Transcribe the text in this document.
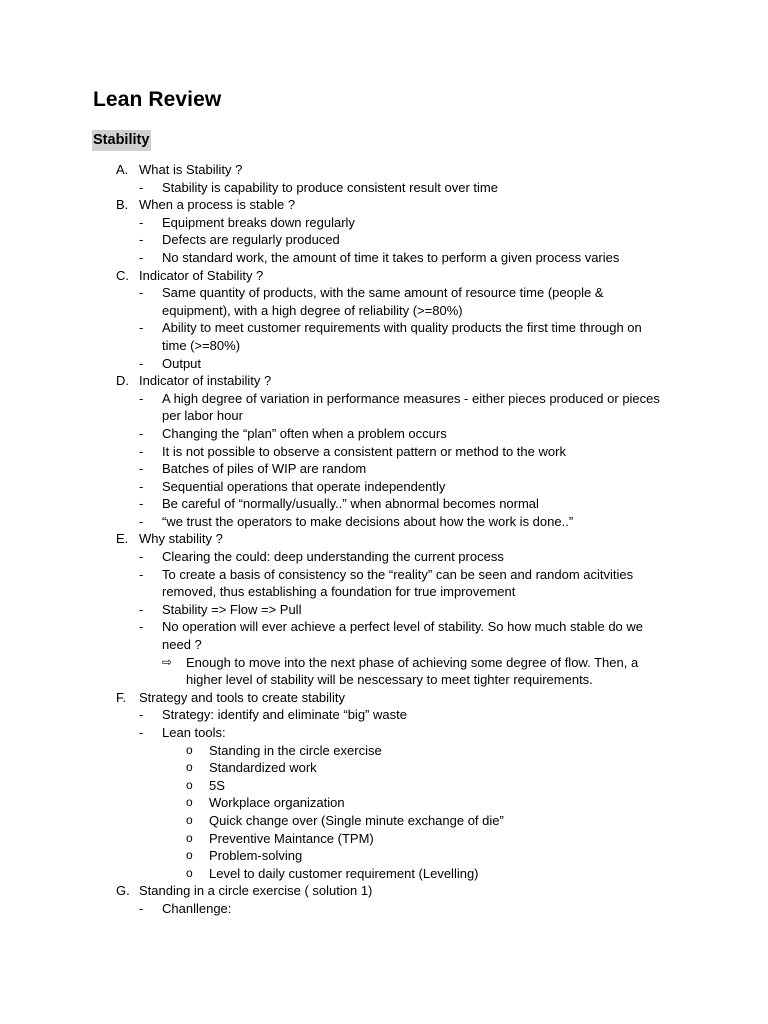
Lean Review
Stability
A. What is Stability ?

- Stability is capability to produce consistent result over time
B. When a process is stable ?

- Equipment breaks down regularly
- Defects are regularly produced
- No standard work, the amount of time it takes to perform a given process varies
C. Indicator of Stability ?

- Same quantity of products, with the same amount of resource time (people & equipment), with a high degree of reliability (>=80%)
- Ability to meet customer requirements with quality products the first time through on time (>=80%)
- Output
D. Indicator of instability ?

- A high degree of variation in performance measures - either pieces produced or pieces per labor hour
- Changing the “plan” often when a problem occurs
- It is not possible to observe a consistent pattern or method to the work
- Batches of piles of WIP are random
- Sequential operations that operate independently
- Be careful of “normally/usually..” when abnormal becomes normal
- “we trust the operators to make decisions about how the work is done..”
E. Why stability ?

- Clearing the could: deep understanding the current process
- To create a basis of consistency so the “reality” can be seen and random acitvities removed, thus establishing a foundation for true improvement
- Stability => Flow => Pull
- No operation will ever achieve a perfect level of stability. So how much stable do we need ?
⇨ Enough to move into the next phase of achieving some degree of flow. Then, a higher level of stability will be nescessary to meet tighter requirements.
F. Strategy and tools to create stability

- Strategy: identify and eliminate “big” waste
- Lean tools:
o Standing in the circle exercise
o Standardized work
o 5S
o Workplace organization
o Quick change over (Single minute exchange of die”
o Preventive Maintance (TPM)
o Problem-solving
o Level to daily customer requirement (Levelling)
G. Standing in a circle exercise ( solution 1)

- Chanllenge:
